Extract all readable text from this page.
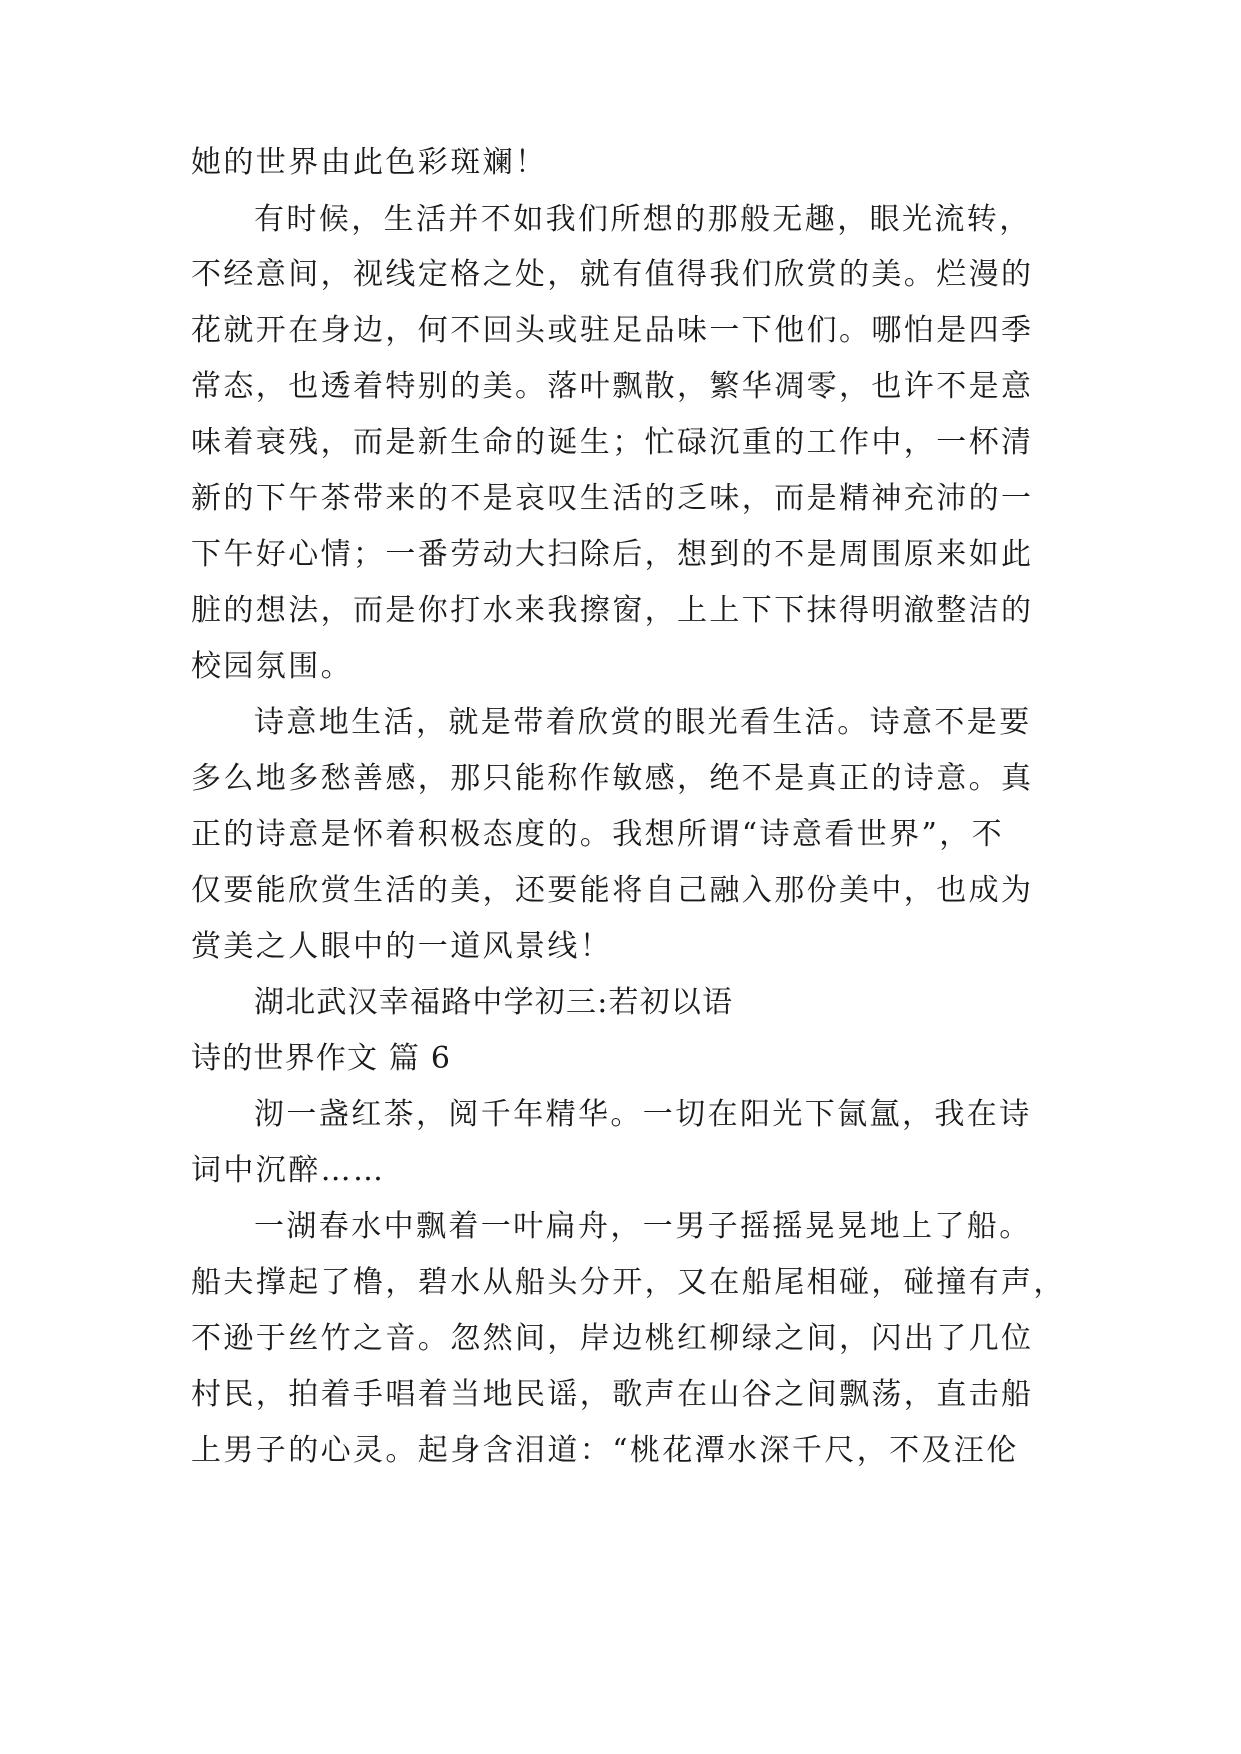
她的世界由此色彩斑斓！
有时候，生活并不如我们所想的那般无趣，眼光流转，
不经意间，视线定格之处，就有值得我们欣赏的美。烂漫的
花就开在身边，何不回头或驻足品味一下他们。哪怕是四季
常态，也透着特别的美。落叶飘散，繁华凋零，也许不是意
味着衰残，而是新生命的诞生；忙碌沉重的工作中，一杯清
新的下午茶带来的不是哀叹生活的乏味，而是精神充沛的一
下午好心情；一番劳动大扫除后，想到的不是周围原来如此
脏的想法，而是你打水来我擦窗，上上下下抹得明澈整洁的
校园氛围。
诗意地生活，就是带着欣赏的眼光看生活。诗意不是要
多么地多愁善感，那只能称作敏感，绝不是真正的诗意。真
正的诗意是怀着积极态度的。我想所谓“诗意看世界”，不
仅要能欣赏生活的美，还要能将自己融入那份美中，也成为
赏美之人眼中的一道风景线！
湖北武汉幸福路中学初三:若初以语
诗的世界作文 篇 6
沏一盏红茶，阅千年精华。一切在阳光下氤氲，我在诗
词中沉醉……
一湖春水中飘着一叶扁舟，一男子摇摇晃晃地上了船。
船夫撑起了橹，碧水从船头分开，又在船尾相碰，碰撞有声，
不逊于丝竹之音。忽然间，岸边桃红柳绿之间，闪出了几位
村民，拍着手唱着当地民谣，歌声在山谷之间飘荡，直击船
上男子的心灵。起身含泪道：“桃花潭水深千尺，不及汪伦
